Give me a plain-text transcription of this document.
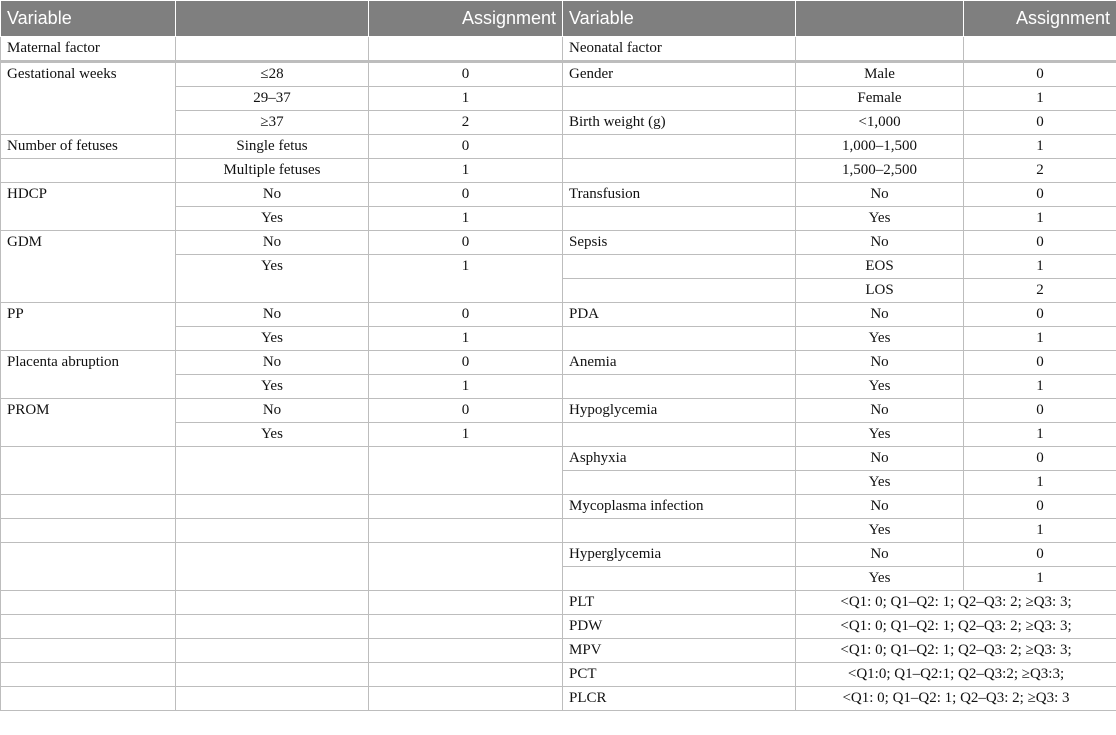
Variable		Assignment	Variable		Assignment
Maternal factor			Neonatal factor		
Gestational weeks	≤28	0	Gender	Male	0
	29–37	1		Female	1
	≥37	2	Birth weight (g)	<1,000	0
Number of fetuses	Single fetus	0		1,000–1,500	1
	Multiple fetuses	1		1,500–2,500	2
HDCP	No	0	Transfusion	No	0
	Yes	1		Yes	1
GDM	No	0	Sepsis	No	0
	Yes	1		EOS	1
				LOS	2
PP	No	0	PDA	No	0
	Yes	1		Yes	1
Placenta abruption	No	0	Anemia	No	0
	Yes	1		Yes	1
PROM	No	0	Hypoglycemia	No	0
	Yes	1		Yes	1
			Asphyxia	No	0
				Yes	1
			Mycoplasma infection	No	0
				Yes	1
			Hyperglycemia	No	0
				Yes	1
			PLT	<Q1: 0; Q1–Q2: 1; Q2–Q3: 2; ≥Q3: 3;	
			PDW	<Q1: 0; Q1–Q2: 1; Q2–Q3: 2; ≥Q3: 3;	
			MPV	<Q1: 0; Q1–Q2: 1; Q2–Q3: 2; ≥Q3: 3;	
			PCT	<Q1:0; Q1–Q2:1; Q2–Q3:2; ≥Q3:3;	
			PLCR	<Q1: 0; Q1–Q2: 1; Q2–Q3: 2; ≥Q3: 3	
